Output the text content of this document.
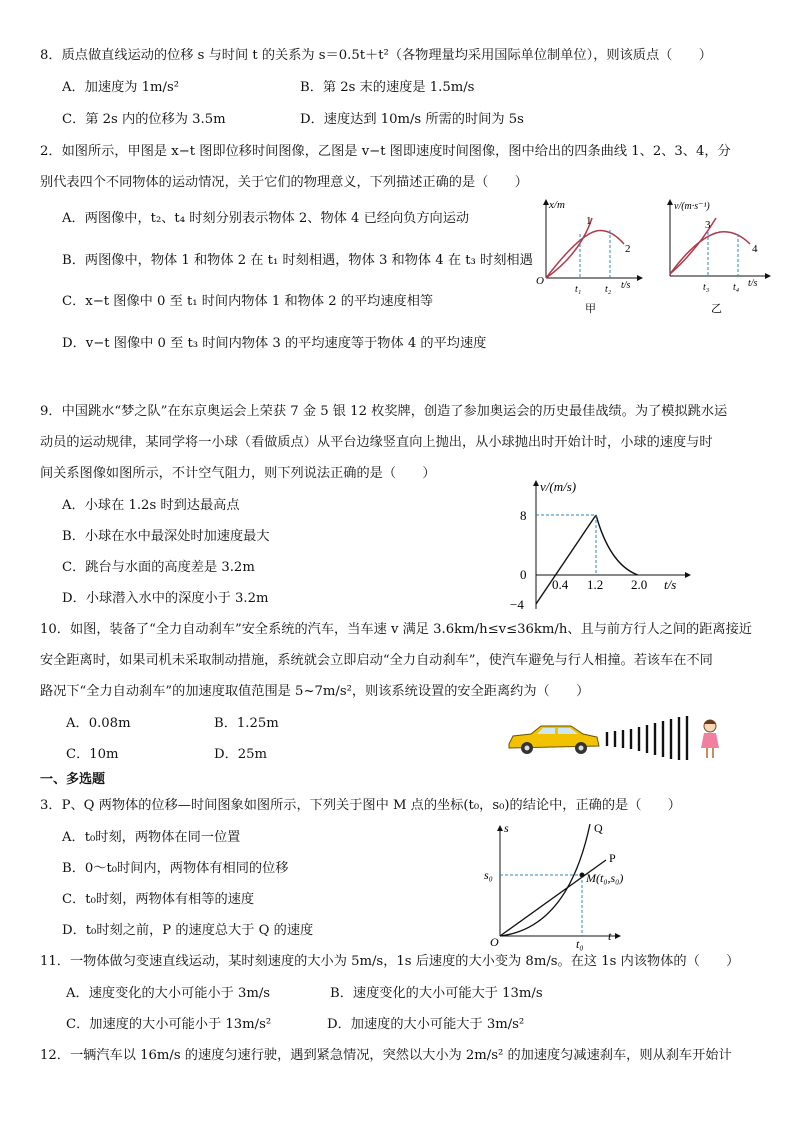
8．质点做直线运动的位移 s 与时间 t 的关系为 s＝0.5t＋t²（各物理量均采用国际单位制单位），则该质点（　　）
A．加速度为 1m/s²	B．第 2s 末的速度是 1.5m/s
C．第 2s 内的位移为 3.5m	D．速度达到 10m/s 所需的时间为 5s
2．如图所示，甲图是 x−t 图即位移时间图像，乙图是 v−t 图即速度时间图像，图中给出的四条曲线 1、2、3、4，分
别代表四个不同物体的运动情况，关于它们的物理意义，下列描述正确的是（　　）
A．两图像中，t₂、t₄ 时刻分别表示物体 2、物体 4 已经向负方向运动
B．两图像中，物体 1 和物体 2 在 t₁ 时刻相遇，物体 3 和物体 4 在 t₃ 时刻相遇
C．x−t 图像中 0 至 t₁ 时间内物体 1 和物体 2 的平均速度相等
D．v−t 图像中 0 至 t₃ 时间内物体 3 的平均速度等于物体 4 的平均速度
x/m
1
2
O
t₁ t₂ t/s
甲
v/(m·s⁻¹)
3
4
t₃ t₄ t/s
乙
9．中国跳水“梦之队”在东京奥运会上荣获 7 金 5 银 12 枚奖牌，创造了参加奥运会的历史最佳战绩。为了模拟跳水运
动员的运动规律，某同学将一小球（看做质点）从平台边缘竖直向上抛出，从小球抛出时开始计时，小球的速度与时
间关系图像如图所示，不计空气阻力，则下列说法正确的是（　　）
A．小球在 1.2s 时到达最高点
B．小球在水中最深处时加速度最大
C．跳台与水面的高度差是 3.2m
D．小球潜入水中的深度小于 3.2m
v/(m/s)
8
0
−4
0.4 1.2 2.0 t/s
10．如图，装备了“全力自动刹车”安全系统的汽车，当车速 v 满足 3.6km/h≤v≤36km/h、且与前方行人之间的距离接近
安全距离时，如果司机未采取制动措施，系统就会立即启动“全力自动刹车”，使汽车避免与行人相撞。若该车在不同
路况下“全力自动刹车”的加速度取值范围是 5~7m/s²，则该系统设置的安全距离约为（　　）
A．0.08m	B．1.25m
C．10m	D．25m
一、多选题
3．P、Q 两物体的位移—时间图象如图所示，下列关于图中 M 点的坐标(t₀，s₀)的结论中，正确的是（　　）
A．t₀时刻，两物体在同一位置
B．0～t₀时间内，两物体有相同的位移
C．t₀时刻，两物体有相等的速度
D．t₀时刻之前，P 的速度总大于 Q 的速度
s	Q
P
s₀	M(t₀,s₀)
O	t₀
t
11．一物体做匀变速直线运动，某时刻速度的大小为 5m/s，1s 后速度的大小变为 8m/s。在这 1s 内该物体的（　　）
A．速度变化的大小可能小于 3m/s	B．速度变化的大小可能大于 13m/s
C．加速度的大小可能小于 13m/s²	D．加速度的大小可能大于 3m/s²
12．一辆汽车以 16m/s 的速度匀速行驶，遇到紧急情况，突然以大小为 2m/s² 的加速度匀减速刹车，则从刹车开始计
